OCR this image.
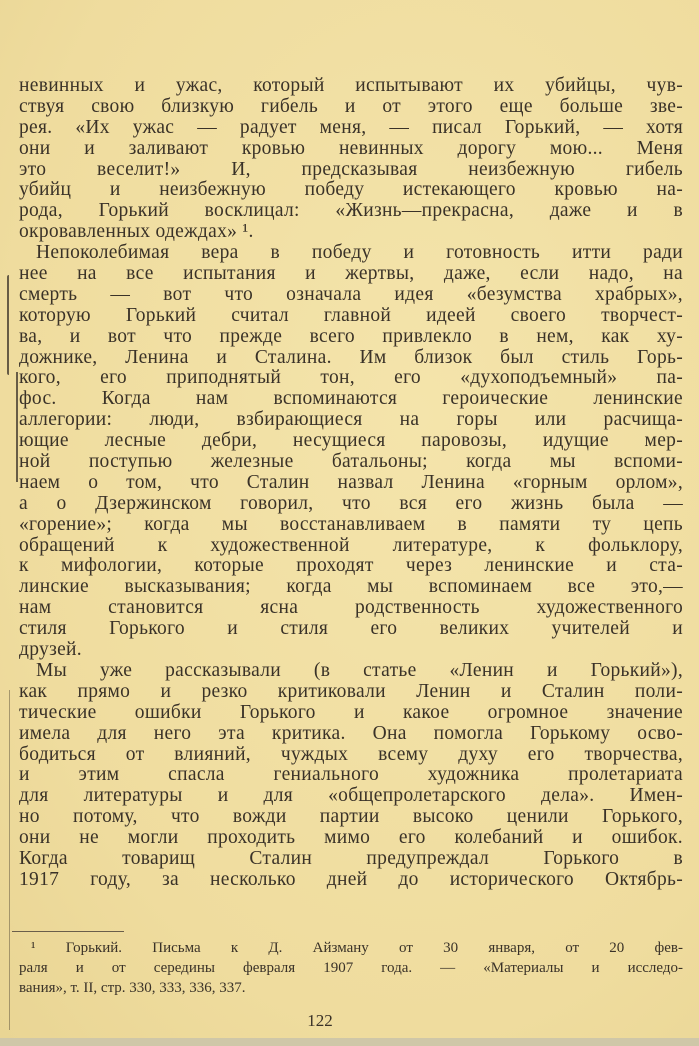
невинных и ужас, который испытывают их убийцы, чув-
ствуя свою близкую гибель и от этого еще больше зве-
рея. «Их ужас — радует меня, — писал Горький, — хотя
они и заливают кровью невинных дорогу мою... Меня
это веселит!» И, предсказывая неизбежную гибель
убийц и неизбежную победу истекающего кровью на-
рода, Горький восклицал: «Жизнь—прекрасна, даже и в
окровавленных одеждах» ¹.
Непоколебимая вера в победу и готовность итти ради
нее на все испытания и жертвы, даже, если надо, на
смерть — вот что означала идея «безумства храбрых»,
которую Горький считал главной идеей своего творчест-
ва, и вот что прежде всего привлекло в нем, как ху-
дожнике, Ленина и Сталина. Им близок был стиль Горь-
кого, его приподнятый тон, его «духоподъемный» па-
фос. Когда нам вспоминаются героические ленинские
аллегории: люди, взбирающиеся на горы или расчища-
ющие лесные дебри, несущиеся паровозы, идущие мер-
ной поступью железные батальоны; когда мы вспоми-
наем о том, что Сталин назвал Ленина «горным орлом»,
а о Дзержинском говорил, что вся его жизнь была —
«горение»; когда мы восстанавливаем в памяти ту цепь
обращений к художественной литературе, к фольклору,
к мифологии, которые проходят через ленинские и ста-
линские высказывания; когда мы вспоминаем все это,—
нам становится ясна родственность художественного
стиля Горького и стиля его великих учителей и
друзей.
Мы уже рассказывали (в статье «Ленин и Горький»),
как прямо и резко критиковали Ленин и Сталин поли-
тические ошибки Горького и какое огромное значение
имела для него эта критика. Она помогла Горькому осво-
бодиться от влияний, чуждых всему духу его творчества,
и этим спасла гениального художника пролетариата
для литературы и для «общепролетарского дела». Имен-
но потому, что вожди партии высоко ценили Горького,
они не могли проходить мимо его колебаний и ошибок.
Когда товарищ Сталин предупреждал Горького в
1917 году, за несколько дней до исторического Октябрь-
¹ Горький. Письма к Д. Айзману от 30 января, от 20 фев-
раля и от середины февраля 1907 года. — «Материалы и исследо-
вания», т. II, стр. 330, 333, 336, 337.
122
